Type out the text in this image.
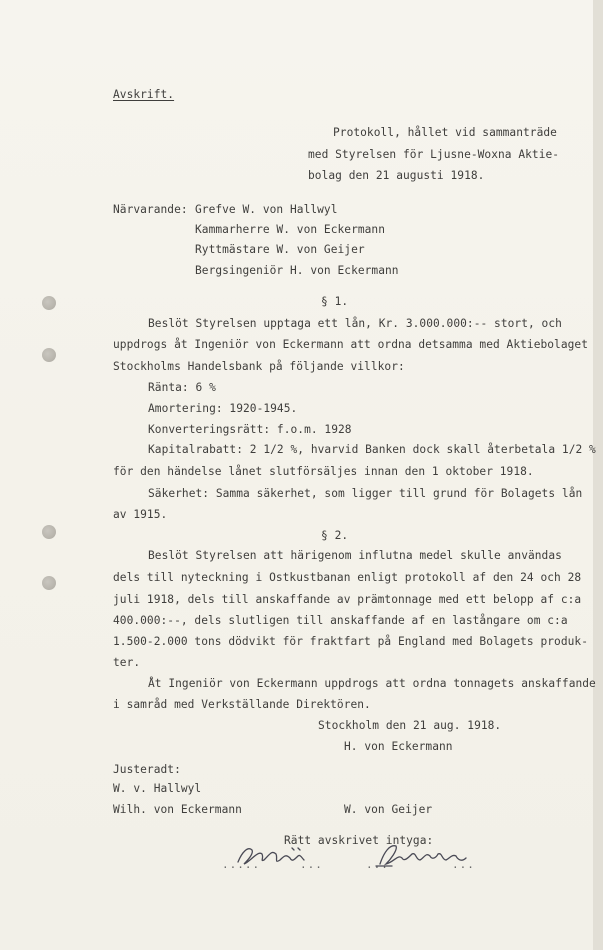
Avskrift.

Protokoll, hållet vid sammanträde

med Styrelsen för Ljusne-Woxna Aktie-

bolag den 21 augusti 1918.

Närvarande: Grefve W. von Hallwyl

Kammarherre W. von Eckermann

Ryttmästare W. von Geijer

Bergsingeniör H. von Eckermann

§ 1.

Beslöt Styrelsen upptaga ett lån, Kr. 3.000.000:-- stort, och

uppdrogs åt Ingeniör von Eckermann att ordna detsamma med Aktiebolaget

Stockholms Handelsbank på följande villkor:

Ränta: 6 %

Amortering: 1920-1945.

Konverteringsrätt: f.o.m. 1928

Kapitalrabatt: 2 1/2 %, hvarvid Banken dock skall återbetala 1/2 %

för den händelse lånet slutförsäljes innan den 1 oktober 1918.

Säkerhet: Samma säkerhet, som ligger till grund för Bolagets lån

av 1915.

§ 2.

Beslöt Styrelsen att härigenom influtna medel skulle användas

dels till nyteckning i Ostkustbanan enligt protokoll af den 24 och 28

juli 1918, dels till anskaffande av prämtonnage med ett belopp af c:a

400.000:--, dels slutligen till anskaffande af en lastångare om c:a

1.500-2.000 tons dödvikt för fraktfart på England med Bolagets produk-

ter.

Åt Ingeniör von Eckermann uppdrogs att ordna tonnagets anskaffande

i samråd med Verkställande Direktören.

Stockholm den 21 aug. 1918.

H. von Eckermann

Justeradt:

W. v. Hallwyl

Wilh. von Eckermann	W. von Geijer

Rätt avskrivet intyga:

.....	...	...	...
